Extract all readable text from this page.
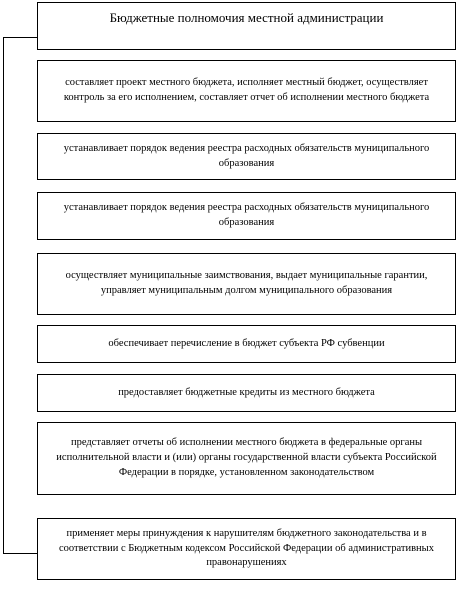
Бюджетные полномочия местной администрации
составляет проект местного бюджета, исполняет местный бюджет, осуществляет контроль за его исполнением, составляет отчет об исполнении местного бюджета
устанавливает порядок ведения реестра расходных обязательств муниципального образования
устанавливает порядок ведения реестра расходных обязательств муниципального образования
осуществляет муниципальные заимствования, выдает муниципальные гарантии, управляет муниципальным долгом муниципального образования
обеспечивает перечисление в бюджет субъекта РФ субвенции
предоставляет бюджетные кредиты из местного бюджета
представляет отчеты об исполнении местного бюджета в федеральные органы исполнительной власти и (или) органы государственной власти субъекта Российской Федерации в порядке, установленном законодательством
применяет меры принуждения к нарушителям бюджетного законодательства и в соответствии с Бюджетным кодексом Российской Федерации об административных правонарушениях
